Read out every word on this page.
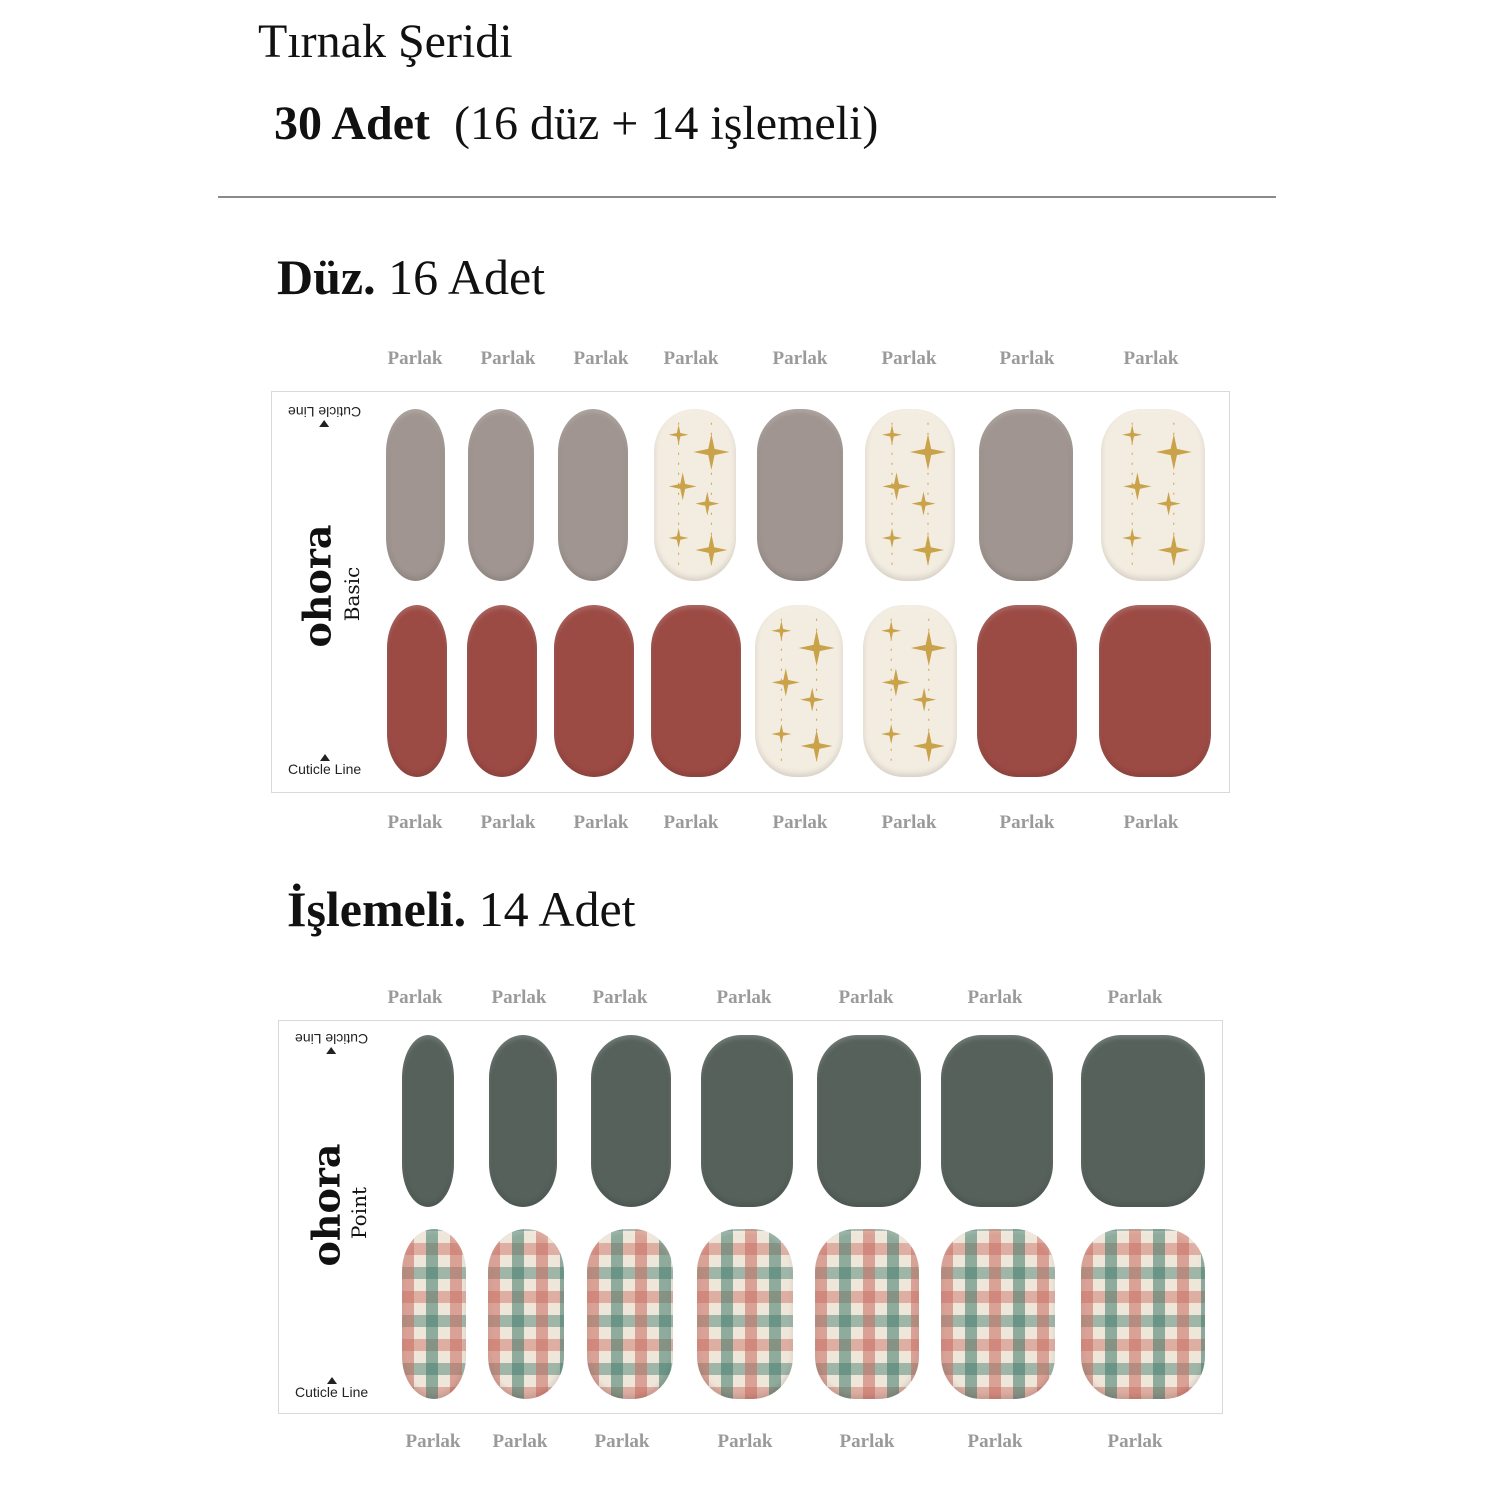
Tırnak Şeridi
30 Adet (16 düz + 14 işlemeli)
Düz. 16 Adet
Parlak Parlak Parlak Parlak	Parlak	Parlak	Parlak	Parlak
Cuticle Line
ohora Basic
Cuticle Line
Parlak Parlak Parlak Parlak	Parlak	Parlak	Parlak	Parlak
İşlemeli. 14 Adet
Parlak	Parlak Parlak	Parlak	Parlak	Parlak	Parlak
Cuticle Line
ohora
Point
Cuticle Line
Parlak Parlak Parlak	Parlak	Parlak	Parlak	Parlak
